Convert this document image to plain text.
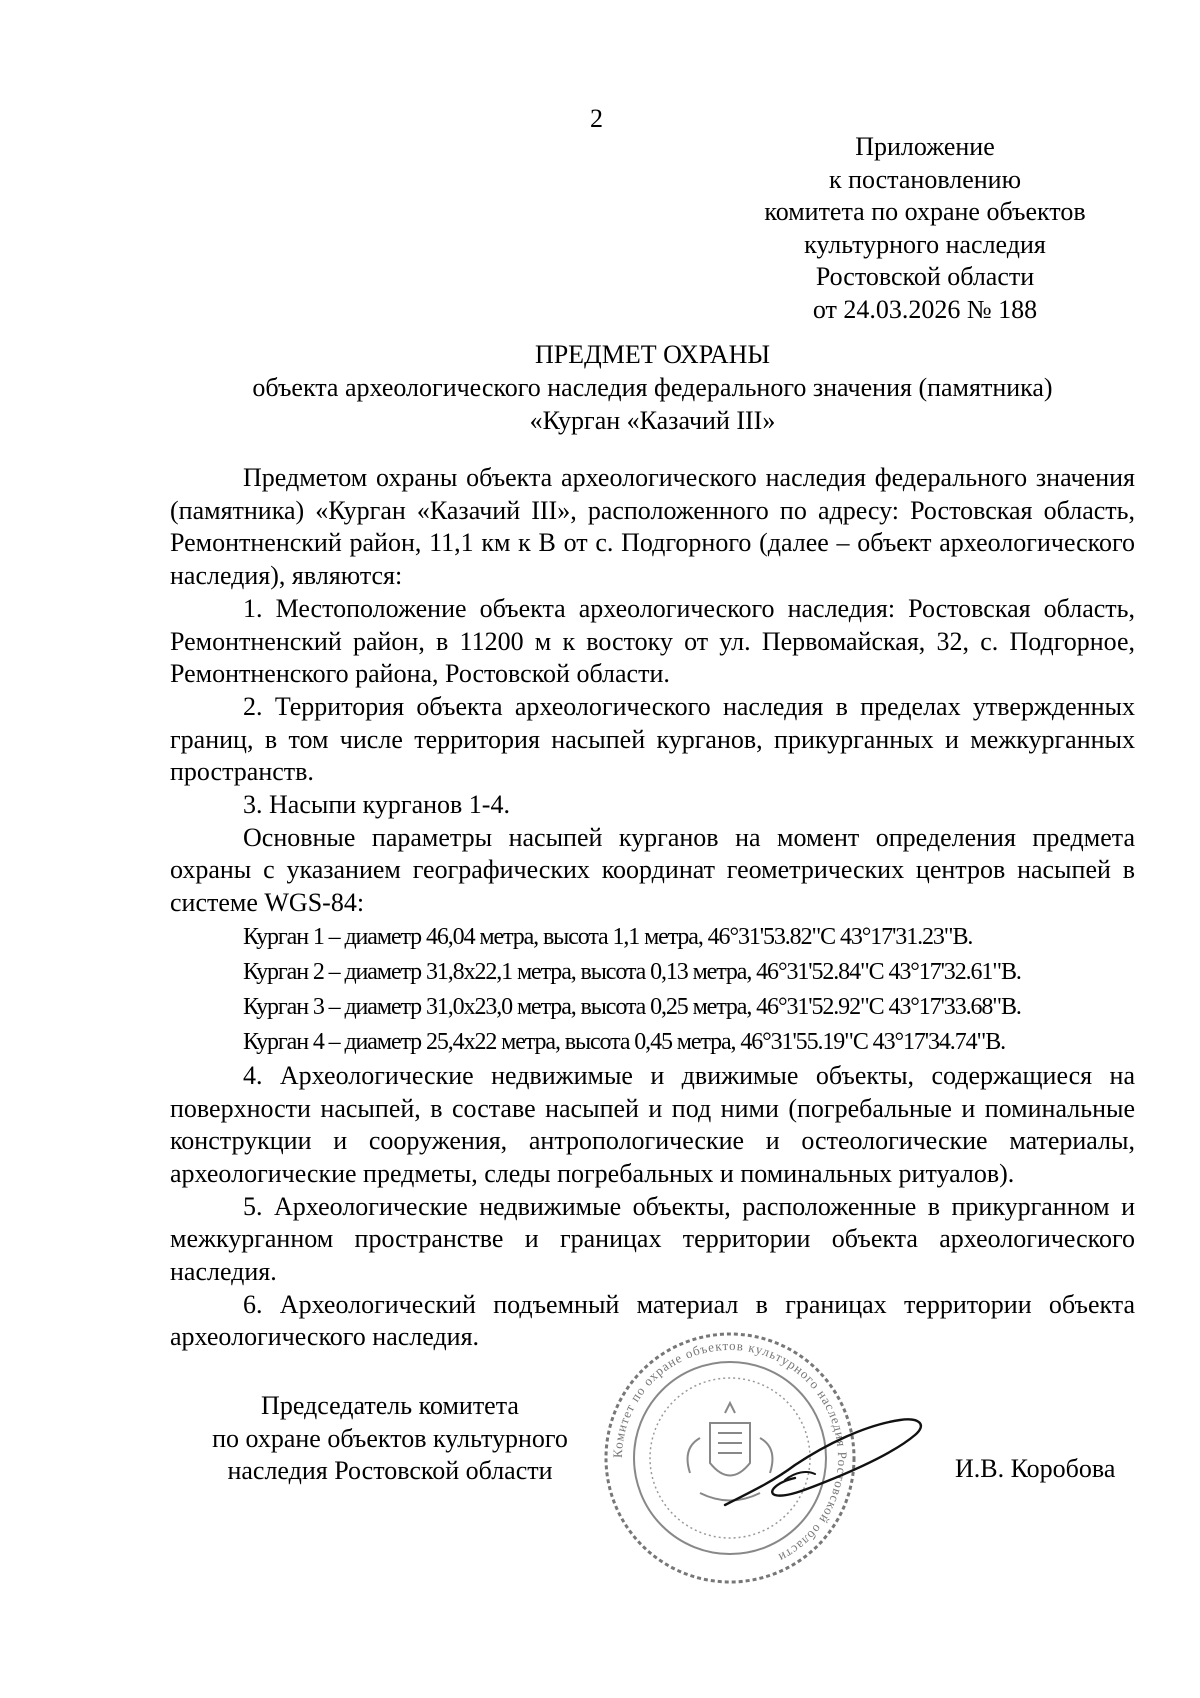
2
Приложение
к постановлению
комитета по охране объектов
культурного наследия
Ростовской области
от 24.03.2026 № 188
ПРЕДМЕТ ОХРАНЫ
объекта археологического наследия федерального значения (памятника)
«Курган «Казачий III»

Предметом охраны объекта археологического наследия федерального значения (памятника) «Курган «Казачий III», расположенного по адресу: Ростовская область, Ремонтненский район, 11,1 км к В от с. Подгорного (далее – объект археологического наследия), являются:

1. Местоположение объекта археологического наследия: Ростовская область, Ремонтненский район, в 11200 м к востоку от ул. Первомайская, 32, с. Подгорное, Ремонтненского района, Ростовской области.

2. Территория объекта археологического наследия в пределах утвержденных границ, в том числе территория насыпей курганов, прикурганных и межкурганных пространств.

3. Насыпи курганов 1-4.

Основные параметры насыпей курганов на момент определения предмета охраны с указанием географических координат геометрических центров насыпей в системе WGS-84:

Курган 1 – диаметр 46,04 метра, высота 1,1 метра, 46°31'53.82"С 43°17'31.23"В.

Курган 2 – диаметр 31,8x22,1 метра, высота 0,13 метра, 46°31'52.84"С 43°17'32.61"В.

Курган 3 – диаметр 31,0x23,0 метра, высота 0,25 метра, 46°31'52.92"С 43°17'33.68"В.

Курган 4 – диаметр 25,4x22 метра, высота 0,45 метра, 46°31'55.19"С 43°17'34.74"В.

4. Археологические недвижимые и движимые объекты, содержащиеся на поверхности насыпей, в составе насыпей и под ними (погребальные и поминальные конструкции и сооружения, антропологические и остеологические материалы, археологические предметы, следы погребальных и поминальных ритуалов).

5. Археологические недвижимые объекты, расположенные в прикурганном и межкурганном пространстве и границах территории объекта археологического наследия.

6. Археологический подъемный материал в границах территории объекта археологического наследия.

Председатель комитета
по охране объектов культурного
наследия Ростовской области
Комитет по охране объектов культурного наследия Ростовской области
И.В. Коробова
